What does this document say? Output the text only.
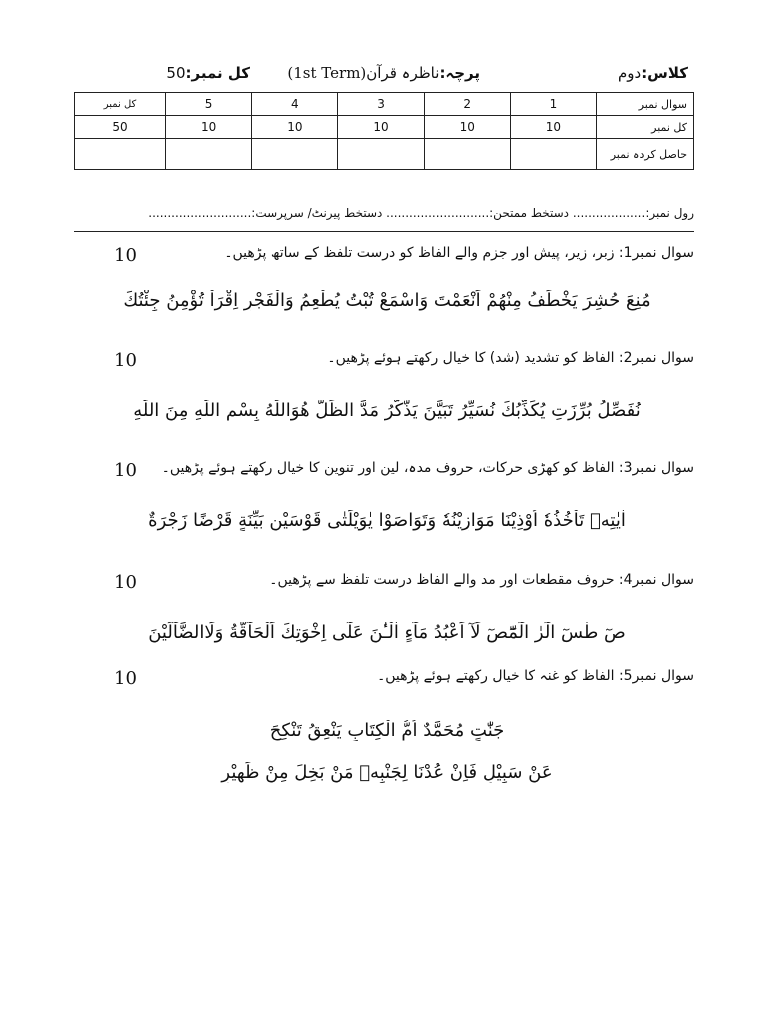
کلاس:دوم
پرچہ:ناظرہ قرآن(1st Term)
کل نمبر:50
سوال نمبر	1	2	3	4	5	کل نمبر
کل نمبر	10	10	10	10	10	50
حاصل کردہ نمبر						
رول نمبر:................... دستخط ممتحن:........................... دستخط پیرنٹ/ سرپرست:...........................
سوال نمبر1: زبر، زیر، پیش اور جزم والے الفاظ کو درست تلفظ کے ساتھ پڑھیں۔
10
مُنِعَ حُشِرَ يَخْطَفُ مِنْهُمْ اَنْعَمْتَ وَاسْمَعْ تُبْتُ يُطْعِمُ وَالْفَجْرِ اِقْرَاْ تُؤْمِنُ جِئْتُكَ
سوال نمبر2: الفاظ کو تشدید (شد) کا خیال رکھتے ہوئے پڑھیں۔
10
نُفَصِّلُ بُرِّزَتِ يُكَذِّبُكَ نُسَيِّرُ تَبَيَّنَ يَذَّكَّرُ مَدَّ الظِّلَّ هُوَاللّٰهُ بِسْمِ اللّٰهِ مِنَ اللّٰهِ
سوال نمبر3: الفاظ کو کھڑی حرکات، حروف مدہ، لین اور تنوین کا خیال رکھتے ہوئے پڑھیں۔
10
اٰيٰتِهٖ تَاْخُذُهٗ اُوْذِيْنَا مَوَازِيْنُهٗ وَتَوَاصَوْا يٰوَيْلَتٰى قَوْسَيْنِ بَيِّنَةٍ قَرْضًا زَجْرَةٌ
سوال نمبر4: حروف مقطعات اور مد والے الفاظ درست تلفظ سے پڑھیں۔
10
صٓ طٰسٓ الٓرٰ الٓمّٓصٓ لَآ اَعْبُدُ مَآءٍ اٰلْـٰٔنَ عَلٰٓى اِخْوَتِكَ اَلْحَآقَّةُ وَلَاالضَّآلِّيْنَ
سوال نمبر5: الفاظ کو غنہ کا خیال رکھتے ہوئے پڑھیں۔
10
جَنّٰتٍ مُحَمَّدٌ اُمُّ الْكِتَابِ يَنْعِقُ تَنْكِحَ
عَنْ سَبِيْلِ فَاِنْ عُدْنَا لِجَنْبِهٖ مَنْ بَخِلَ مِنْ ظَهِيْرٍ
